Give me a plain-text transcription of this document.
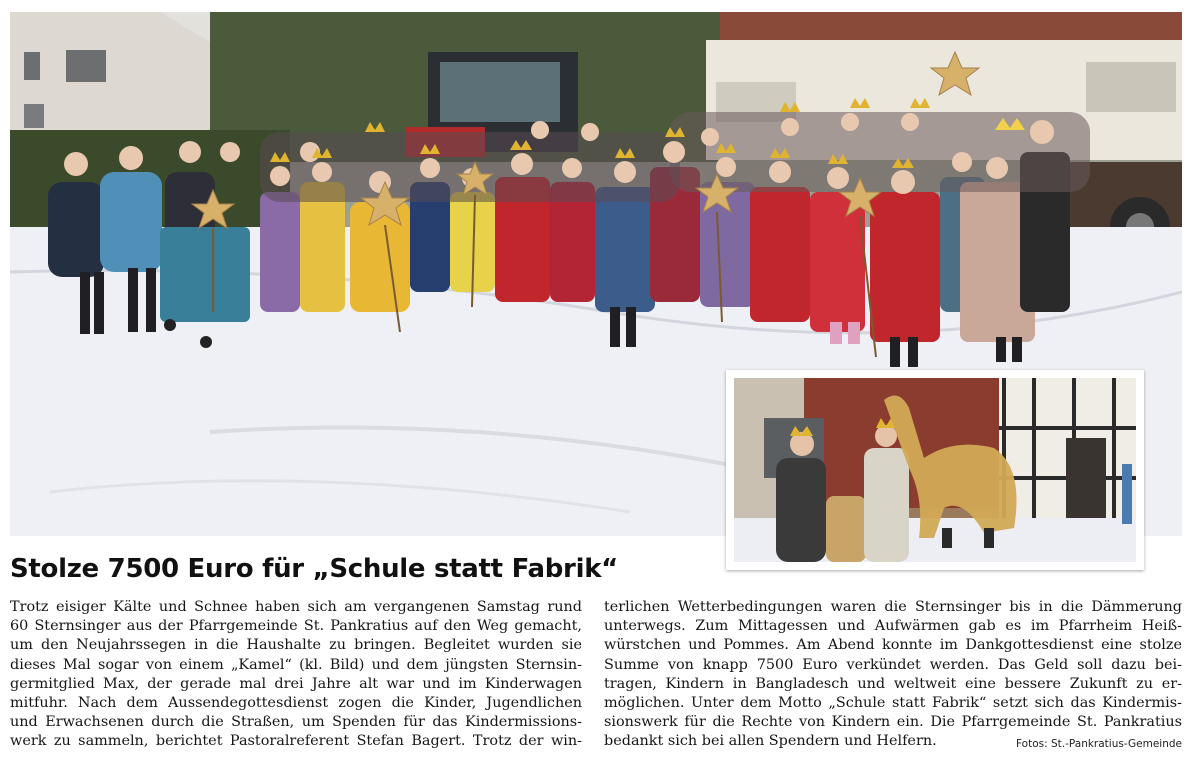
Stolze 7500 Euro für „Schule statt Fabrik“
Trotz eisiger Kälte und Schnee haben sich am vergangenen Samstag rund
60 Sternsinger aus der Pfarrgemeinde St. Pankratius auf den Weg gemacht,
um den Neujahrssegen in die Haushalte zu bringen. Begleitet wurden sie
dieses Mal sogar von einem „Kamel“ (kl. Bild) und dem jüngsten Sternsin-
germitglied Max, der gerade mal drei Jahre alt war und im Kinderwagen
mitfuhr. Nach dem Aussendegottesdienst zogen die Kinder, Jugendlichen
und Erwachsenen durch die Straßen, um Spenden für das Kindermissions-
werk zu sammeln, berichtet Pastoralreferent Stefan Bagert. Trotz der win-
terlichen Wetterbedingungen waren die Sternsinger bis in die Dämmerung
unterwegs. Zum Mittagessen und Aufwärmen gab es im Pfarrheim Heiß-
würstchen und Pommes. Am Abend konnte im Dankgottesdienst eine stolze
Summe von knapp 7500 Euro verkündet werden. Das Geld soll dazu bei-
tragen, Kindern in Bangladesch und weltweit eine bessere Zukunft zu er-
möglichen. Unter dem Motto „Schule statt Fabrik“ setzt sich das Kindermis-
sionswerk für die Rechte von Kindern ein. Die Pfarrgemeinde St. Pankratius
bedankt sich bei allen Spendern und Helfern.	Fotos: St.-Pankratius-Gemeinde
